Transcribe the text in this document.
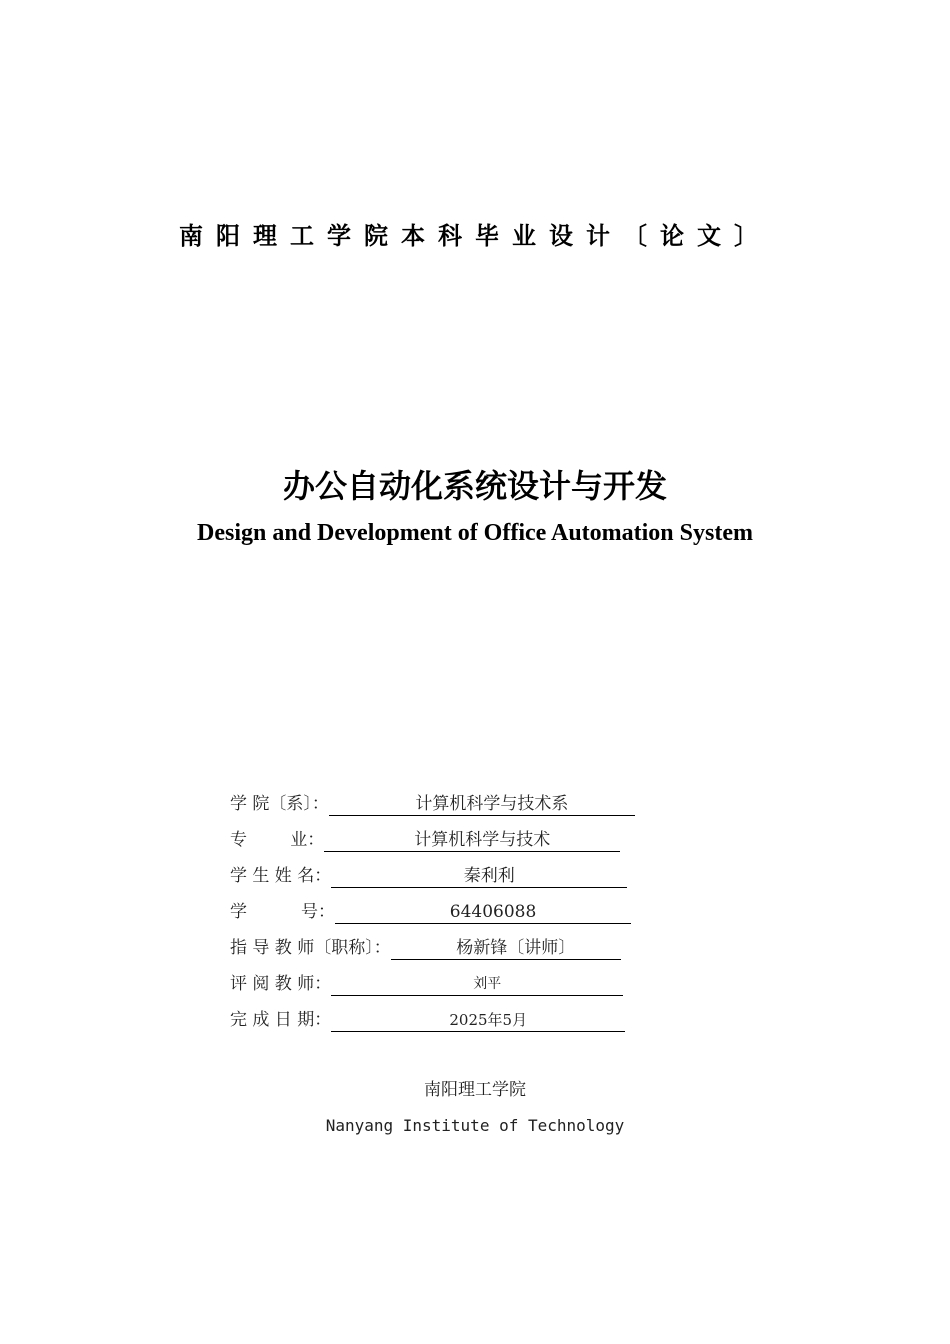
南阳理工学院本科毕业设计〔论文〕
办公自动化系统设计与开发
Design and Development of Office Automation System
学 院〔系〕：	计算机科学与技术系
专        业：	计算机科学与技术
学 生 姓 名：	秦利利
学          号：	64406088
指 导 教 师〔职称〕：	杨新锋〔讲师〕
评 阅 教 师：	刘平
完 成 日 期：	2025年5月
南阳理工学院
Nanyang Institute of Technology
